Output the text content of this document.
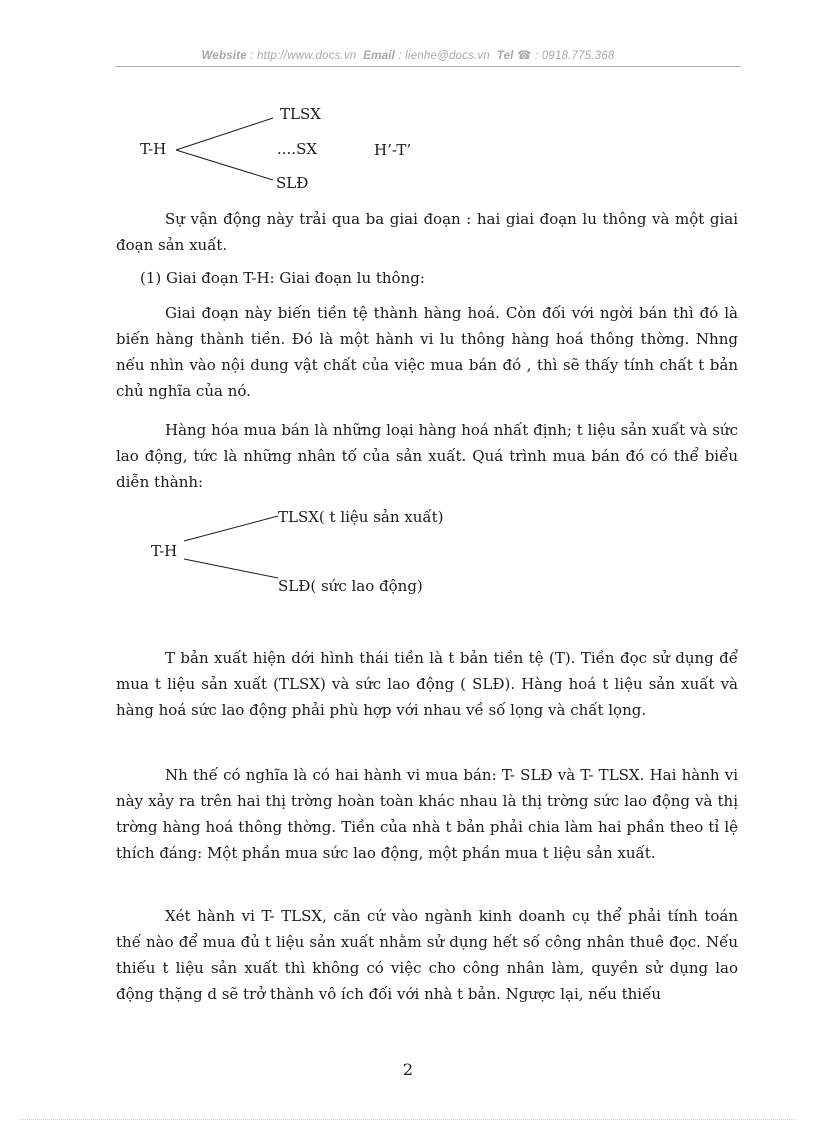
Website : http://www.docs.vn Email : lienhe@docs.vn Tel ☎ : 0918.775.368
T-H
TLSX
....SX	H’-T’
SLĐ

Sự vận động này trải qua ba giai đoạn : hai giai đoạn lu thông và một giai đoạn sản xuất.

(1) Giai đoạn T-H: Giai đoạn lu thông:

Giai đoạn này biến tiền tệ thành hàng hoá. Còn đối với ngời bán thì đó là biến hàng thành tiền. Đó là một hành vi lu thông hàng hoá thông thờng. Nhng nếu nhìn vào nội dung vật chất của việc mua bán đó , thì sẽ thấy tính chất t bản chủ nghĩa của nó.

Hàng hóa mua bán là những loại hàng hoá nhất định; t liệu sản xuất và sức lao động, tức là những nhân tố của sản xuất. Quá trình mua bán đó có thể biểu diễn thành:

T-H
TLSX( t liệu sản xuất)
SLĐ( sức lao động)

T bản xuất hiện dới hình thái tiền là t bản tiền tệ (T). Tiền đọc sử dụng để mua t liệu sản xuất (TLSX) và sức lao động ( SLĐ). Hàng hoá t liệu sản xuất và hàng hoá sức lao động phải phù hợp với nhau về số lọng và chất lọng.

Nh thế có nghĩa là có hai hành vi mua bán: T- SLĐ và T- TLSX. Hai hành vi này xảy ra trên hai thị trờng hoàn toàn khác nhau là thị trờng sức lao động và thị trờng hàng hoá thông thờng. Tiền của nhà t bản phải chia làm hai phần theo tỉ lệ thích đáng: Một phần mua sức lao động, một phần mua t liệu sản xuất.

Xét hành vi T- TLSX, căn cứ vào ngành kinh doanh cụ thể phải tính toán thế nào để mua đủ t liệu sản xuất nhằm sử dụng hết số công nhân thuê đọc. Nếu thiếu t liệu sản xuất thì không có việc cho công nhân làm, quyền sử dụng lao động thặng d sẽ trở thành vô ích đối với nhà t bản. Ngược lại, nếu thiếu

2
